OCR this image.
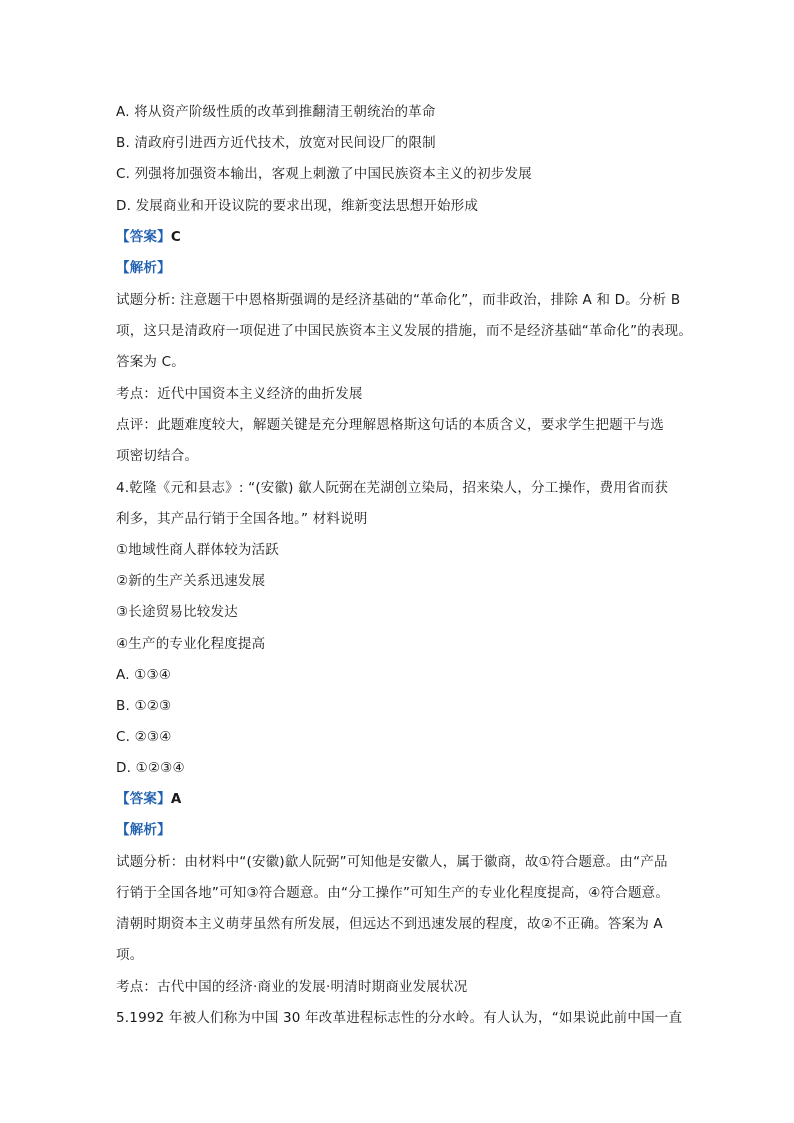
A. 将从资产阶级性质的改革到推翻清王朝统治的革命
B. 清政府引进西方近代技术，放宽对民间设厂的限制
C. 列强将加强资本输出，客观上刺激了中国民族资本主义的初步发展
D. 发展商业和开设议院的要求出现，维新变法思想开始形成
【答案】C
【解析】
试题分析: 注意题干中恩格斯强调的是经济基础的“革命化”，而非政治，排除 A 和 D。分析 B
项，这只是清政府一项促进了中国民族资本主义发展的措施，而不是经济基础“革命化”的表现。
答案为 C。
考点：近代中国资本主义经济的曲折发展
点评：此题难度较大，解题关键是充分理解恩格斯这句话的本质含义，要求学生把题干与选
项密切结合。
4.乾隆《元和县志》: “(安徽) 歙人阮弼在芜湖创立染局，招来染人，分工操作，费用省而获
利多，其产品行销于全国各地。” 材料说明
①地域性商人群体较为活跃
②新的生产关系迅速发展
③长途贸易比较发达
④生产的专业化程度提高
A. ①③④
B. ①②③
C. ②③④
D. ①②③④
【答案】A
【解析】
试题分析：由材料中“(安徽)歙人阮弼”可知他是安徽人，属于徽商，故①符合题意。由“产品
行销于全国各地”可知③符合题意。由“分工操作”可知生产的专业化程度提高，④符合题意。
清朝时期资本主义萌芽虽然有所发展，但远达不到迅速发展的程度，故②不正确。答案为 A
项。
考点：古代中国的经济·商业的发展·明清时期商业发展状况
5.1992 年被人们称为中国 30 年改革进程标志性的分水岭。有人认为，“如果说此前中国一直
